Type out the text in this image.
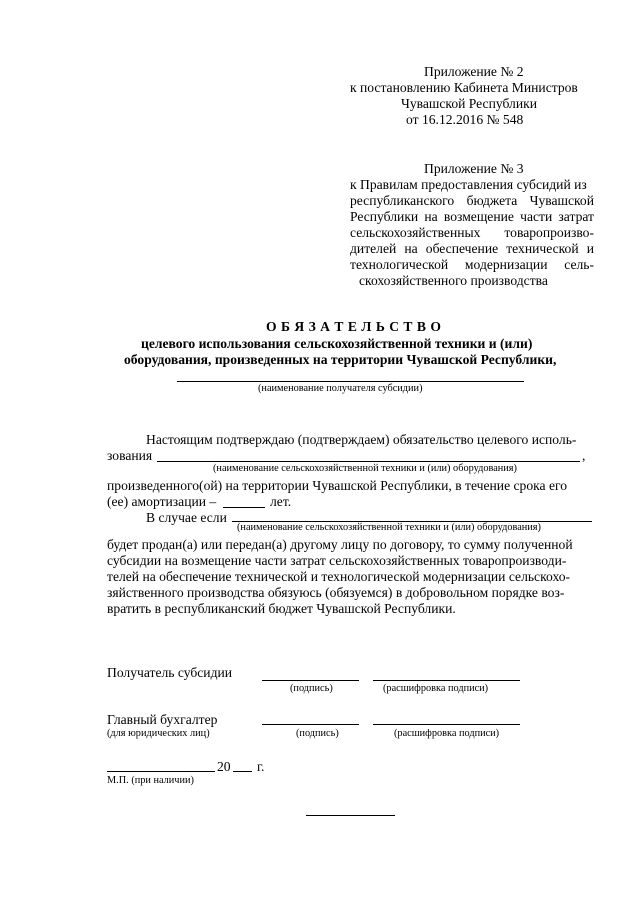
Приложение № 2
к постановлению Кабинета Министров
Чувашской Республики
от 16.12.2016 № 548
Приложение № 3
к Правилам предоставления субсидий из
республиканского бюджета Чувашской
Республики на возмещение части затрат
сельскохозяйственных товаропроизво-
дителей на обеспечение технической и
технологической модернизации сель-
скохозяйственного производства
О Б Я З А Т Е Л Ь С Т В О
целевого использования сельскохозяйственной техники и (или)
оборудования, произведенных на территории Чувашской Республики,
(наименование получателя субсидии)
Настоящим подтверждаю (подтверждаем) обязательство целевого исполь-
зования	,
(наименование сельскохозяйственной техники и (или) оборудования)
произведенного(ой) на территории Чувашской Республики, в течение срока его
(ее) амортизации –	лет.
В случае если
(наименование сельскохозяйственной техники и (или) оборудования)
будет продан(а) или передан(а) другому лицу по договору, то сумму полученной
субсидии на возмещение части затрат сельскохозяйственных товаропроизводи-
телей на обеспечение технической и технологической модернизации сельскохо-
зяйственного производства обязуюсь (обязуемся) в добровольном порядке воз-
вратить в республиканский бюджет Чувашской Республики.
Получатель субсидии
(подпись)	(расшифровка подписи)
Главный бухгалтер
(для юридических лиц)	(подпись)	(расшифровка подписи)
20 г.
М.П. (при наличии)
